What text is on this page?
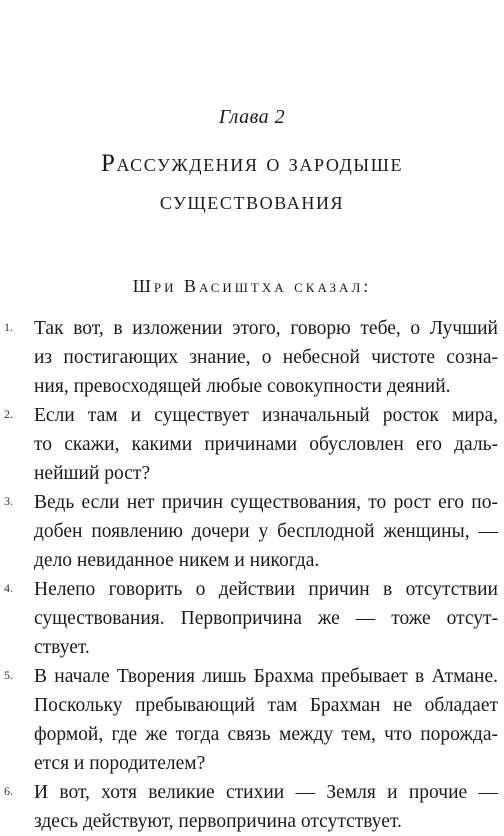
Глава 2
Рассуждения о зародыше
существования
Шри Васиштха сказал:
1. Так вот, в изложении этого, говорю тебе, о Лучший
из постигающих знание, о небесной чистоте созна-
ния, превосходящей любые совокупности деяний.
2. Если там и существует изначальный росток мира,
то скажи, какими причинами обусловлен его даль-
нейший рост?
3. Ведь если нет причин существования, то рост его по-
добен появлению дочери у бесплодной женщины, —
дело невиданное никем и никогда.
4. Нелепо говорить о действии причин в отсутствии
существования. Первопричина же — тоже отсут-
ствует.
5. В начале Творения лишь Брахма пребывает в Атмане.
Поскольку пребывающий там Брахман не обладает
формой, где же тогда связь между тем, что порожда-
ется и породителем?
6. И вот, хотя великие стихии — Земля и прочие —
здесь действуют, первопричина отсутствует.
